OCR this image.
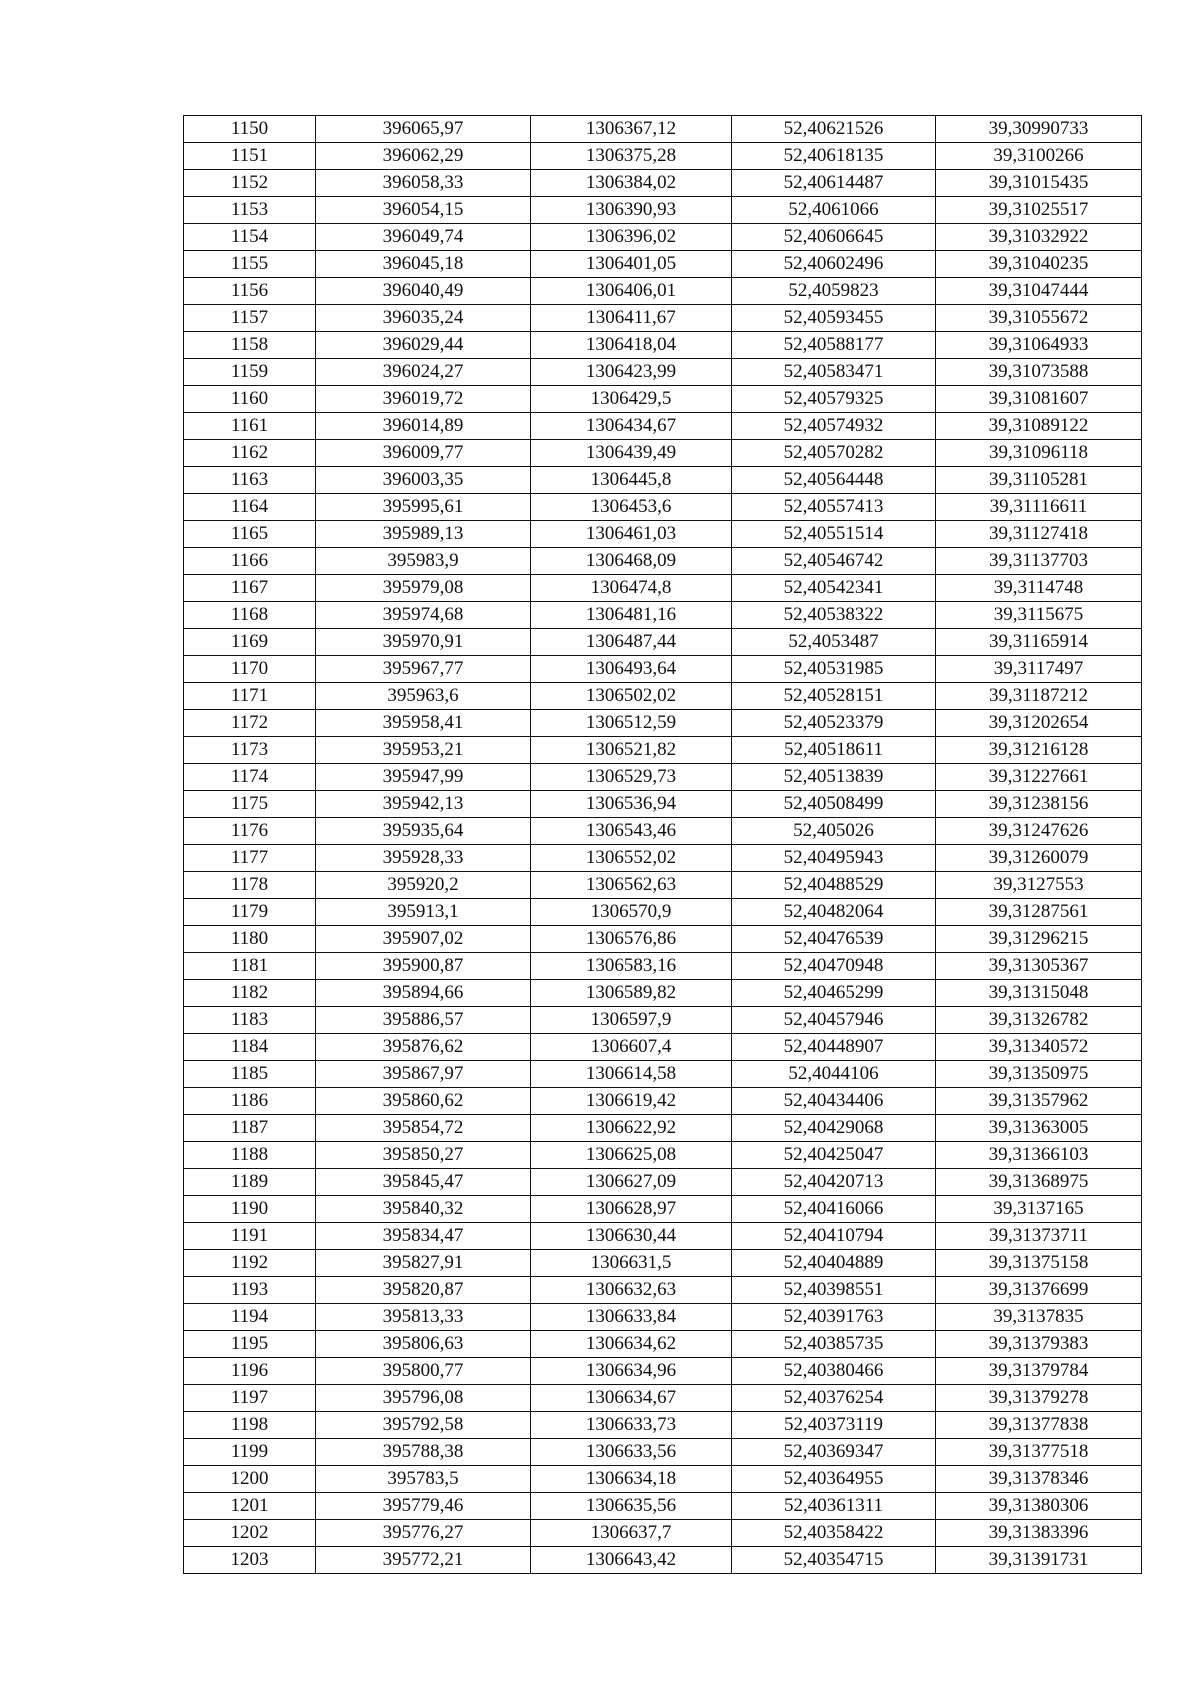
1150	396065,97	1306367,12	52,40621526	39,30990733
1151	396062,29	1306375,28	52,40618135	39,3100266
1152	396058,33	1306384,02	52,40614487	39,31015435
1153	396054,15	1306390,93	52,4061066	39,31025517
1154	396049,74	1306396,02	52,40606645	39,31032922
1155	396045,18	1306401,05	52,40602496	39,31040235
1156	396040,49	1306406,01	52,4059823	39,31047444
1157	396035,24	1306411,67	52,40593455	39,31055672
1158	396029,44	1306418,04	52,40588177	39,31064933
1159	396024,27	1306423,99	52,40583471	39,31073588
1160	396019,72	1306429,5	52,40579325	39,31081607
1161	396014,89	1306434,67	52,40574932	39,31089122
1162	396009,77	1306439,49	52,40570282	39,31096118
1163	396003,35	1306445,8	52,40564448	39,31105281
1164	395995,61	1306453,6	52,40557413	39,31116611
1165	395989,13	1306461,03	52,40551514	39,31127418
1166	395983,9	1306468,09	52,40546742	39,31137703
1167	395979,08	1306474,8	52,40542341	39,3114748
1168	395974,68	1306481,16	52,40538322	39,3115675
1169	395970,91	1306487,44	52,4053487	39,31165914
1170	395967,77	1306493,64	52,40531985	39,3117497
1171	395963,6	1306502,02	52,40528151	39,31187212
1172	395958,41	1306512,59	52,40523379	39,31202654
1173	395953,21	1306521,82	52,40518611	39,31216128
1174	395947,99	1306529,73	52,40513839	39,31227661
1175	395942,13	1306536,94	52,40508499	39,31238156
1176	395935,64	1306543,46	52,405026	39,31247626
1177	395928,33	1306552,02	52,40495943	39,31260079
1178	395920,2	1306562,63	52,40488529	39,3127553
1179	395913,1	1306570,9	52,40482064	39,31287561
1180	395907,02	1306576,86	52,40476539	39,31296215
1181	395900,87	1306583,16	52,40470948	39,31305367
1182	395894,66	1306589,82	52,40465299	39,31315048
1183	395886,57	1306597,9	52,40457946	39,31326782
1184	395876,62	1306607,4	52,40448907	39,31340572
1185	395867,97	1306614,58	52,4044106	39,31350975
1186	395860,62	1306619,42	52,40434406	39,31357962
1187	395854,72	1306622,92	52,40429068	39,31363005
1188	395850,27	1306625,08	52,40425047	39,31366103
1189	395845,47	1306627,09	52,40420713	39,31368975
1190	395840,32	1306628,97	52,40416066	39,3137165
1191	395834,47	1306630,44	52,40410794	39,31373711
1192	395827,91	1306631,5	52,40404889	39,31375158
1193	395820,87	1306632,63	52,40398551	39,31376699
1194	395813,33	1306633,84	52,40391763	39,3137835
1195	395806,63	1306634,62	52,40385735	39,31379383
1196	395800,77	1306634,96	52,40380466	39,31379784
1197	395796,08	1306634,67	52,40376254	39,31379278
1198	395792,58	1306633,73	52,40373119	39,31377838
1199	395788,38	1306633,56	52,40369347	39,31377518
1200	395783,5	1306634,18	52,40364955	39,31378346
1201	395779,46	1306635,56	52,40361311	39,31380306
1202	395776,27	1306637,7	52,40358422	39,31383396
1203	395772,21	1306643,42	52,40354715	39,31391731
